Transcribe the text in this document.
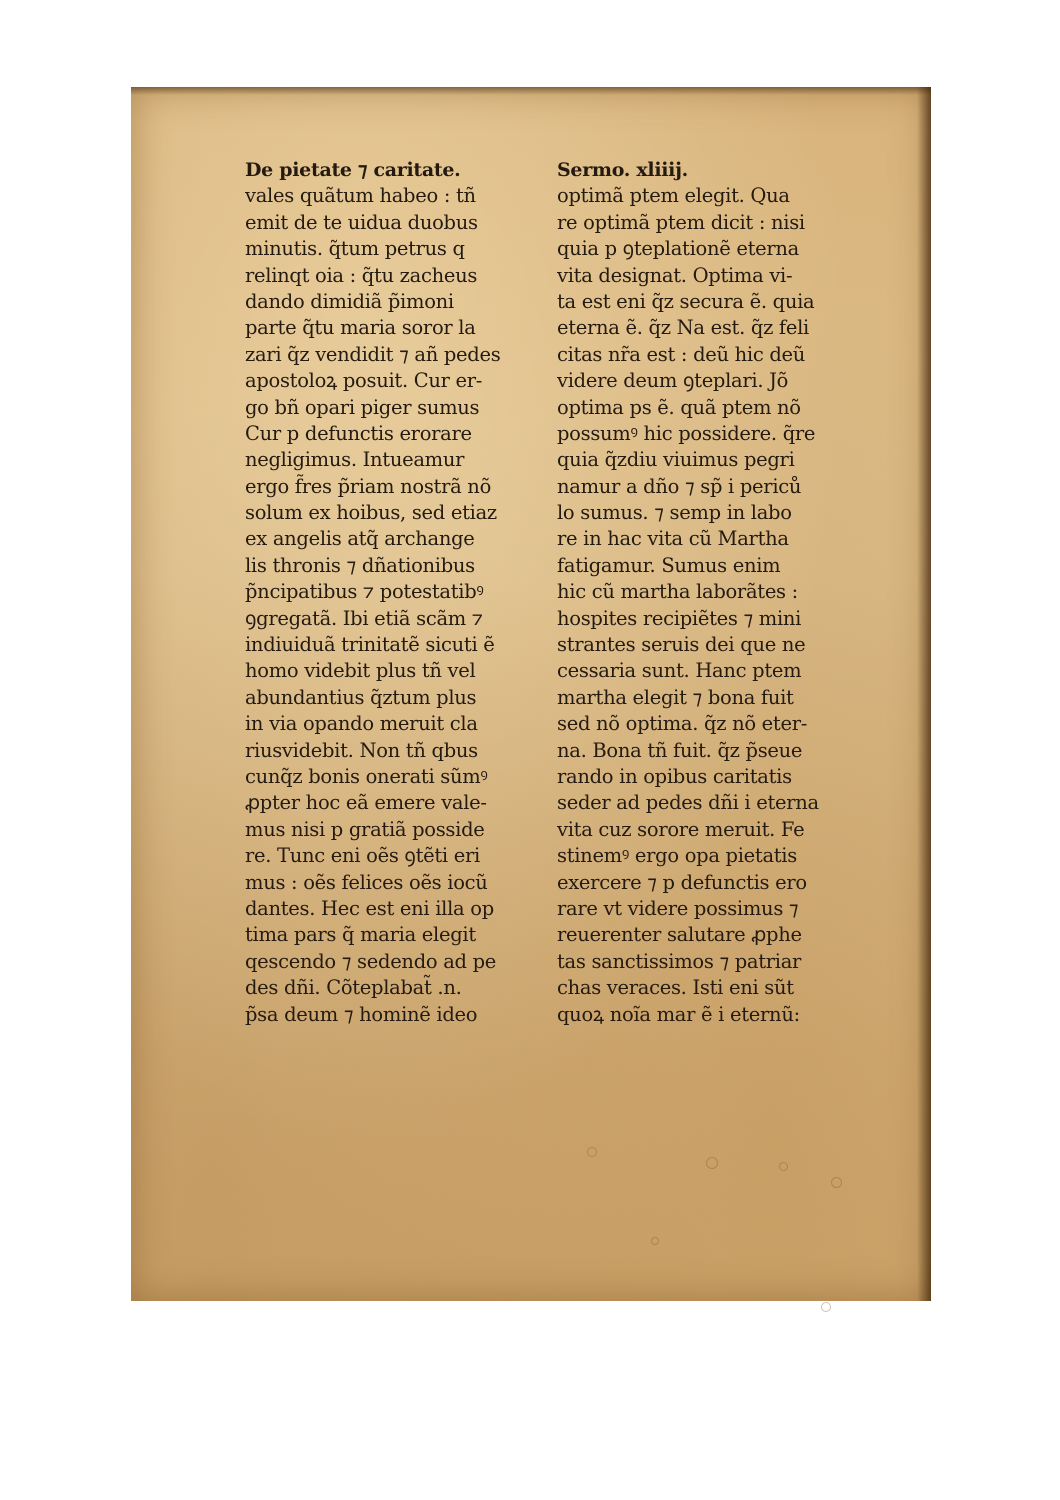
De pietate ⁊ caritate.
vales quãtum habeo : tñ
emit de te uidua duobus
minutis. q̃tum petrus q
relinqt oia : q̃tu zacheus
dando dimidiã p̃imoni
parte q̃tu maria soror la
zari q̃z vendidit ⁊ añ pedes
apostoloꝝ posuit. Cur er-
go bñ opari piger sumus
Cur p defunctis erorare
negligimus. Intueamur
ergo f̃res p̃riam nostrã nõ
solum ex hoibus, sed etiaz
ex angelis atq̃ archange
lis thronis ⁊ dñationibus
p̃ncipatibus ⁊ potestatibꝰ
ꝯgregatã. Ibi etiã scãm ⁊
indiuiduã trinitatẽ sicuti ẽ
homo videbit plus tñ vel
abundantius q̃ztum plus
in via opando meruit cla
riusvidebit. Non tñ qbus
cunq̃z bonis onerati sũmꝰ
ꝓpter hoc eã emere vale-
mus nisi p gratiã posside
re. Tunc eni oẽs ꝯtẽti eri
mus : oẽs felices oẽs iocũ
dantes. Hec est eni illa op
tima pars q̃ maria elegit
qescendo ⁊ sedendo ad pe
des dñi. Cõteplabat̃ .n.
p̃sa deum ⁊ hominẽ ideo
Sermo. xliiij.
optimã ptem elegit. Qua
re optimã ptem dicit : nisi
quia p ꝯteplationẽ eterna
vita designat. Optima vi-
ta est eni q̃z secura ẽ. quia
eterna ẽ. q̃z Na est. q̃z feli
citas nr̃a est : deũ hic deũ
videre deum ꝯteplari. Jõ
optima ps ẽ. quã ptem nõ
possumꝰ hic possidere. q̃re
quia q̃zdiu viuimus pegri
namur a dño ⁊ sp̃ i periců
lo sumus. ⁊ semp in labo
re in hac vita cũ Martha
fatigamur. Sumus enim
hic cũ martha laborãtes :
hospites recipiẽtes ⁊ mini
strantes seruis dei que ne
cessaria sunt. Hanc ptem
martha elegit ⁊ bona fuit
sed nõ optima. q̃z nõ eter-
na. Bona tñ fuit. q̃z p̃seue
rando in opibus caritatis
seder ad pedes dñi i eterna
vita cuz sorore meruit. Fe
stinemꝰ ergo opa pietatis
exercere ⁊ p defunctis ero
rare vt videre possimus ⁊
reuerenter salutare ꝓphe
tas sanctissimos ⁊ patriar
chas veraces. Isti eni sũt
quoꝝ noĩa mar ẽ i eternũ:
